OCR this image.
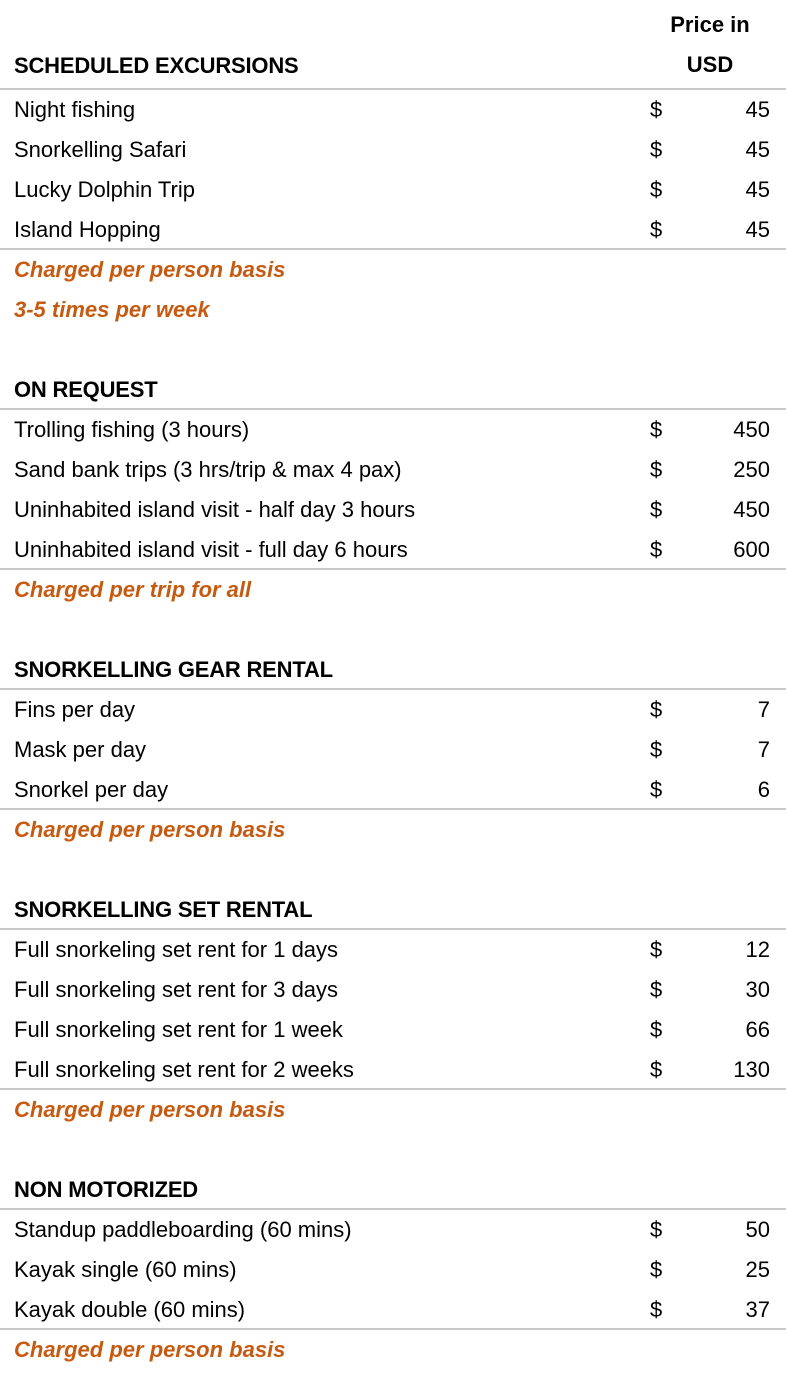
SCHEDULED EXCURSIONS
Price in
USD
Night fishing	$	45
Snorkelling Safari	$	45
Lucky Dolphin Trip	$	45
Island Hopping	$	45
Charged per person basis
3-5 times per week
ON REQUEST
Trolling fishing (3 hours)	$	450
Sand bank trips (3 hrs/trip & max 4 pax)	$	250
Uninhabited island visit - half day 3 hours	$	450
Uninhabited island visit - full day 6 hours	$	600
Charged per trip for all
SNORKELLING GEAR RENTAL
Fins per day	$	7
Mask per day	$	7
Snorkel per day	$	6
Charged per person basis
SNORKELLING SET RENTAL
Full snorkeling set rent for 1 days	$	12
Full snorkeling set rent for 3 days	$	30
Full snorkeling set rent for 1 week	$	66
Full snorkeling set rent for 2 weeks	$	130
Charged per person basis
NON MOTORIZED
Standup paddleboarding (60 mins)	$	50
Kayak single (60 mins)	$	25
Kayak double (60 mins)	$	37
Charged per person basis
